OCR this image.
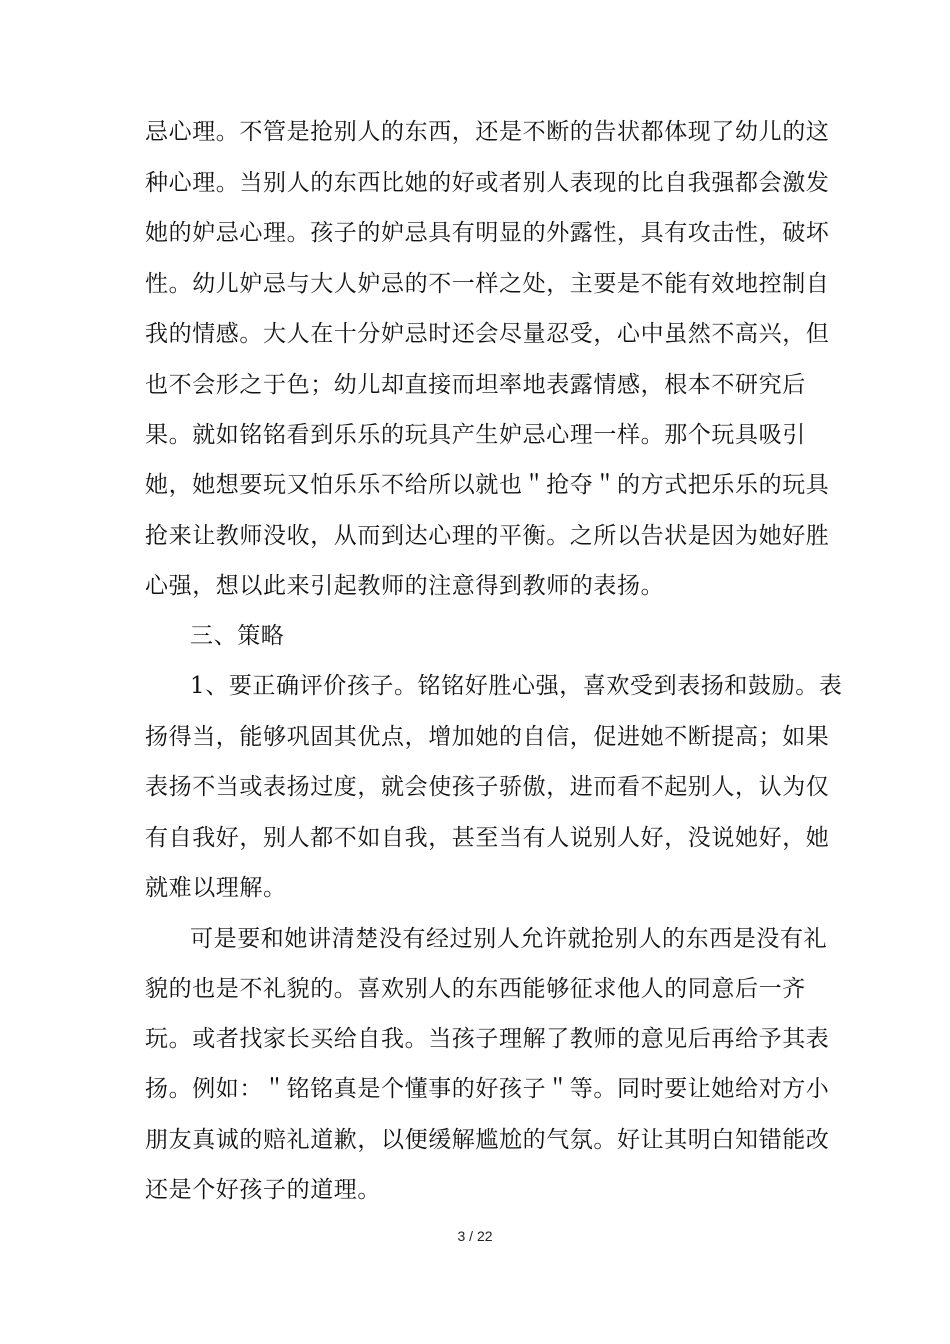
忌心理。不管是抢别人的东西，还是不断的告状都体现了幼儿的这
种心理。当别人的东西比她的好或者别人表现的比自我强都会激发
她的妒忌心理。孩子的妒忌具有明显的外露性，具有攻击性，破坏
性。幼儿妒忌与大人妒忌的不一样之处，主要是不能有效地控制自
我的情感。大人在十分妒忌时还会尽量忍受，心中虽然不高兴，但
也不会形之于色；幼儿却直接而坦率地表露情感，根本不研究后
果。就如铭铭看到乐乐的玩具产生妒忌心理一样。那个玩具吸引
她，她想要玩又怕乐乐不给所以就也＂抢夺＂的方式把乐乐的玩具
抢来让教师没收，从而到达心理的平衡。之所以告状是因为她好胜
心强，想以此来引起教师的注意得到教师的表扬。
三、策略
1、要正确评价孩子。铭铭好胜心强，喜欢受到表扬和鼓励。表
扬得当，能够巩固其优点，增加她的自信，促进她不断提高；如果
表扬不当或表扬过度，就会使孩子骄傲，进而看不起别人，认为仅
有自我好，别人都不如自我，甚至当有人说别人好，没说她好，她
就难以理解。
可是要和她讲清楚没有经过别人允许就抢别人的东西是没有礼
貌的也是不礼貌的。喜欢别人的东西能够征求他人的同意后一齐
玩。或者找家长买给自我。当孩子理解了教师的意见后再给予其表
扬。例如：＂铭铭真是个懂事的好孩子＂等。同时要让她给对方小
朋友真诚的赔礼道歉，以便缓解尴尬的气氛。好让其明白知错能改
还是个好孩子的道理。
3 / 22
